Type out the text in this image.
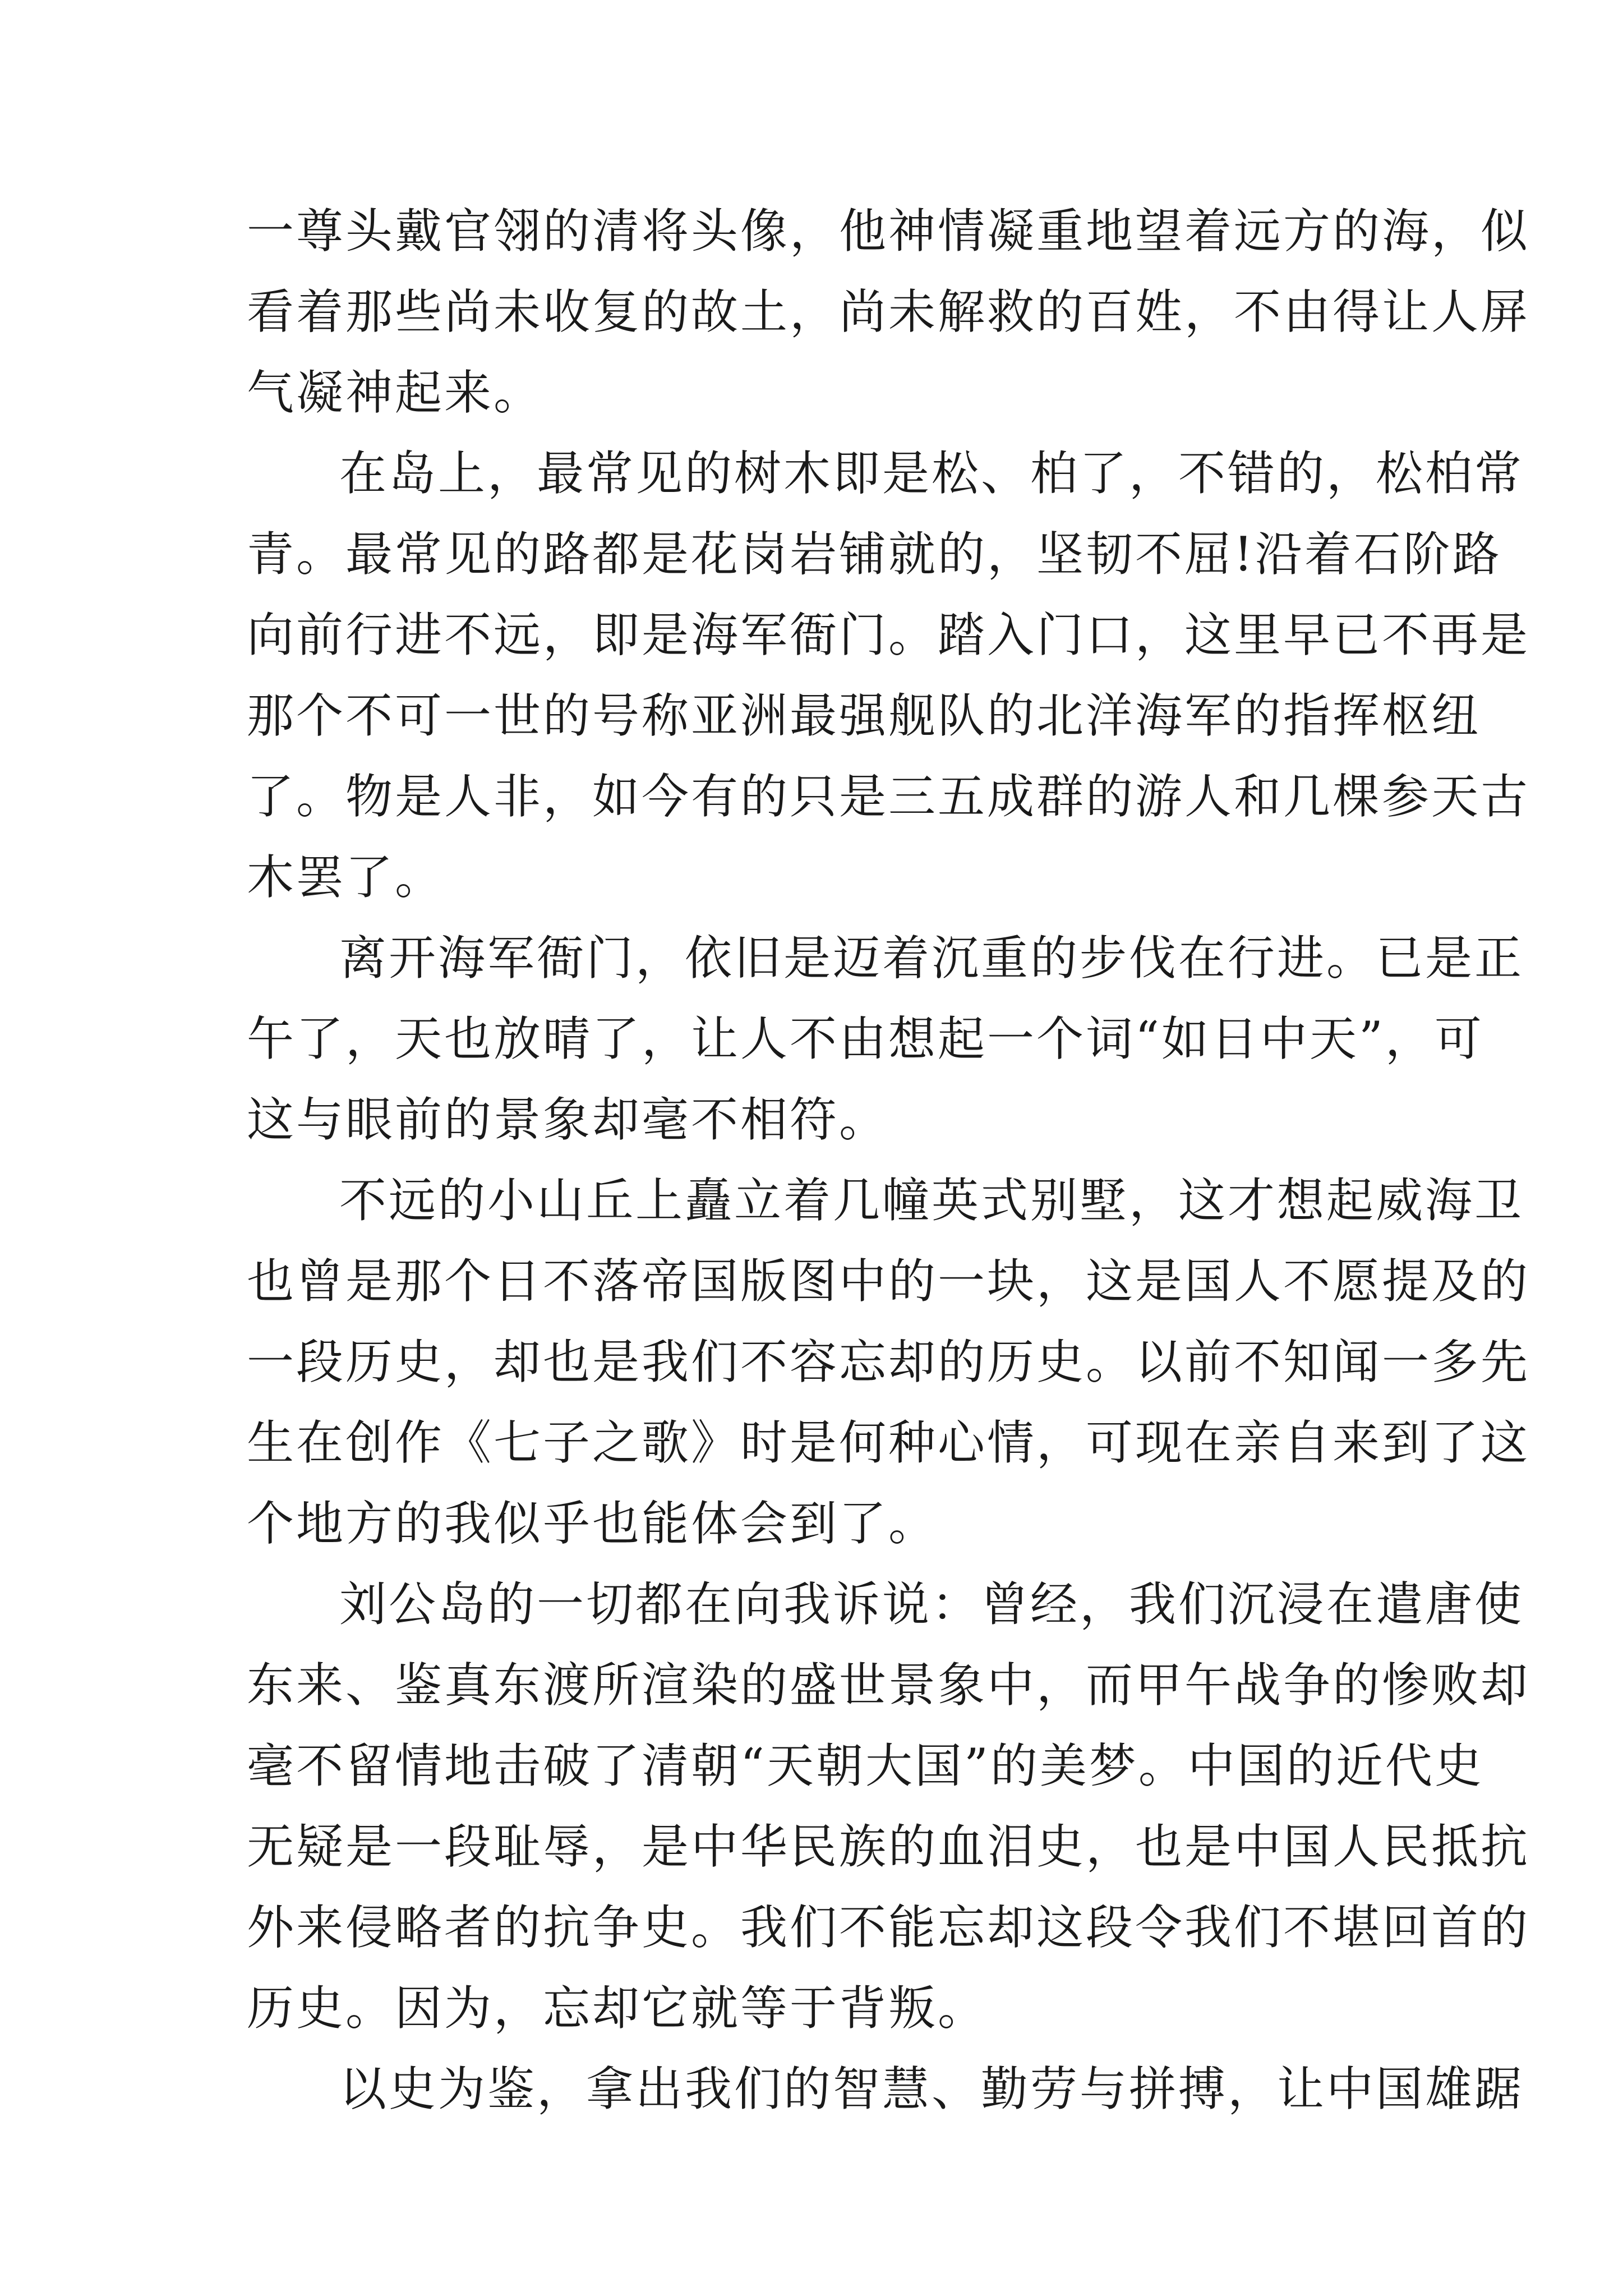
一尊头戴官翎的清将头像，他神情凝重地望着远方的海，似
看着那些尚未收复的故土，尚未解救的百姓，不由得让人屏
气凝神起来。
在岛上，最常见的树木即是松、柏了，不错的，松柏常
青。最常见的路都是花岗岩铺就的，坚韧不屈!沿着石阶路
向前行进不远，即是海军衙门。踏入门口，这里早已不再是
那个不可一世的号称亚洲最强舰队的北洋海军的指挥枢纽
了。物是人非，如今有的只是三五成群的游人和几棵参天古
木罢了。
离开海军衙门，依旧是迈着沉重的步伐在行进。已是正
午了，天也放晴了，让人不由想起一个词“如日中天”，可
这与眼前的景象却毫不相符。
不远的小山丘上矗立着几幢英式别墅，这才想起威海卫
也曾是那个日不落帝国版图中的一块，这是国人不愿提及的
一段历史，却也是我们不容忘却的历史。以前不知闻一多先
生在创作《七子之歌》时是何种心情，可现在亲自来到了这
个地方的我似乎也能体会到了。
刘公岛的一切都在向我诉说：曾经，我们沉浸在遣唐使
东来、鉴真东渡所渲染的盛世景象中，而甲午战争的惨败却
毫不留情地击破了清朝“天朝大国”的美梦。中国的近代史
无疑是一段耻辱，是中华民族的血泪史，也是中国人民抵抗
外来侵略者的抗争史。我们不能忘却这段令我们不堪回首的
历史。因为，忘却它就等于背叛。
以史为鉴，拿出我们的智慧、勤劳与拼搏，让中国雄踞
